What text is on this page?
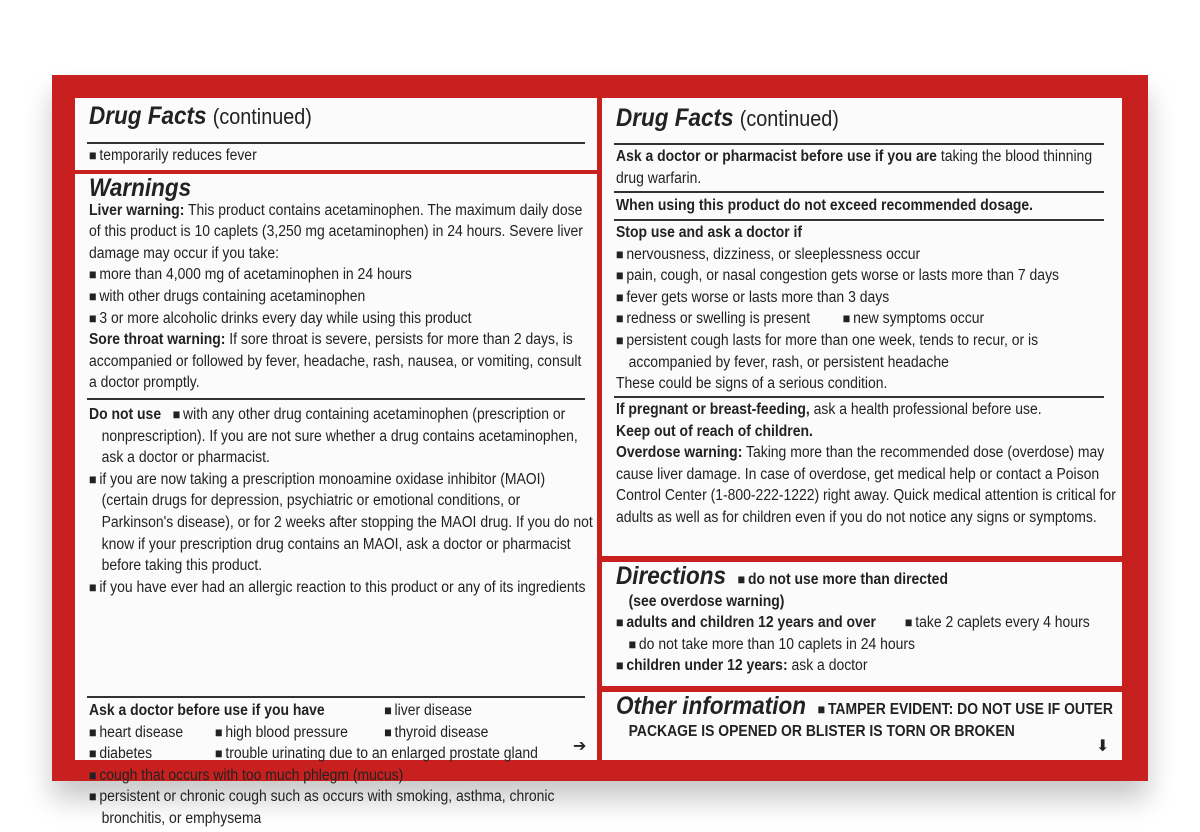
Drug Facts (continued)
■ temporarily reduces fever
Warnings
Liver warning: This product contains acetaminophen. The maximum daily dose of this product is 10 caplets (3,250 mg acetaminophen) in 24 hours. Severe liver damage may occur if you take:
■ more than 4,000 mg of acetaminophen in 24 hours
■ with other drugs containing acetaminophen
■ 3 or more alcoholic drinks every day while using this product
Sore throat warning: If sore throat is severe, persists for more than 2 days, is accompanied or followed by fever, headache, rash, nausea, or vomiting, consult a doctor promptly.
Do not use ■ with any other drug containing acetaminophen (prescription or nonprescription). If you are not sure whether a drug contains acetaminophen, ask a doctor or pharmacist.
■ if you are now taking a prescription monoamine oxidase inhibitor (MAOI) (certain drugs for depression, psychiatric or emotional conditions, or Parkinson's disease), or for 2 weeks after stopping the MAOI drug. If you do not know if your prescription drug contains an MAOI, ask a doctor or pharmacist before taking this product.
■ if you have ever had an allergic reaction to this product or any of its ingredients
Ask a doctor before use if you have	■ liver disease
■ heart disease	■ high blood pressure	■ thyroid disease
■ diabetes	■ trouble urinating due to an enlarged prostate gland
■ cough that occurs with too much phlegm (mucus)
■ persistent or chronic cough such as occurs with smoking, asthma, chronic bronchitis, or emphysema
➔
Drug Facts (continued)
Ask a doctor or pharmacist before use if you are taking the blood thinning drug warfarin.
When using this product do not exceed recommended dosage.
Stop use and ask a doctor if
■ nervousness, dizziness, or sleeplessness occur
■ pain, cough, or nasal congestion gets worse or lasts more than 7 days
■ fever gets worse or lasts more than 3 days
■ redness or swelling is present	■ new symptoms occur
■ persistent cough lasts for more than one week, tends to recur, or is accompanied by fever, rash, or persistent headache
These could be signs of a serious condition.
If pregnant or breast-feeding, ask a health professional before use.
Keep out of reach of children.
Overdose warning: Taking more than the recommended dose (overdose) may cause liver damage. In case of overdose, get medical help or contact a Poison Control Center (1-800-222-1222) right away. Quick medical attention is critical for adults as well as for children even if you do not notice any signs or symptoms.
Directions ■ do not use more than directed
(see overdose warning)
■ adults and children 12 years and over	■ take 2 caplets every 4 hours
■ do not take more than 10 caplets in 24 hours
■ children under 12 years: ask a doctor
Other information ■ TAMPER EVIDENT: DO NOT USE IF OUTER PACKAGE IS OPENED OR BLISTER IS TORN OR BROKEN
⬇
